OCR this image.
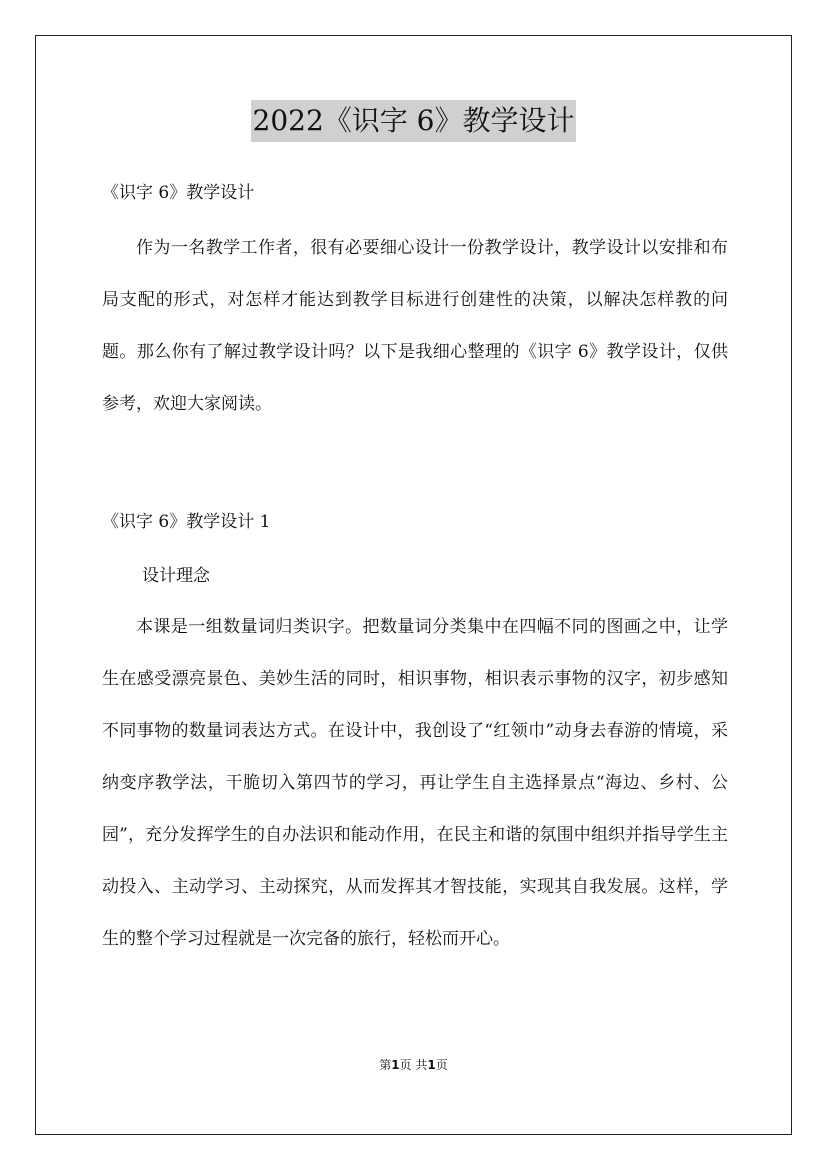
2022《识字 6》教学设计

《识字 6》教学设计

作为一名教学工作者，很有必要细心设计一份教学设计，教学设计以安排和布局支配的形式，对怎样才能达到教学目标进行创建性的决策，以解决怎样教的问题。那么你有了解过教学设计吗？以下是我细心整理的《识字 6》教学设计，仅供参考，欢迎大家阅读。

《识字 6》教学设计 1

设计理念

本课是一组数量词归类识字。把数量词分类集中在四幅不同的图画之中，让学生在感受漂亮景色、美妙生活的同时，相识事物，相识表示事物的汉字，初步感知不同事物的数量词表达方式。在设计中，我创设了“红领巾”动身去春游的情境，采纳变序教学法，干脆切入第四节的学习，再让学生自主选择景点“海边、乡村、公园”，充分发挥学生的自办法识和能动作用，在民主和谐的氛围中组织并指导学生主动投入、主动学习、主动探究，从而发挥其才智技能，实现其自我发展。这样，学生的整个学习过程就是一次完备的旅行，轻松而开心。

第1页 共1页
